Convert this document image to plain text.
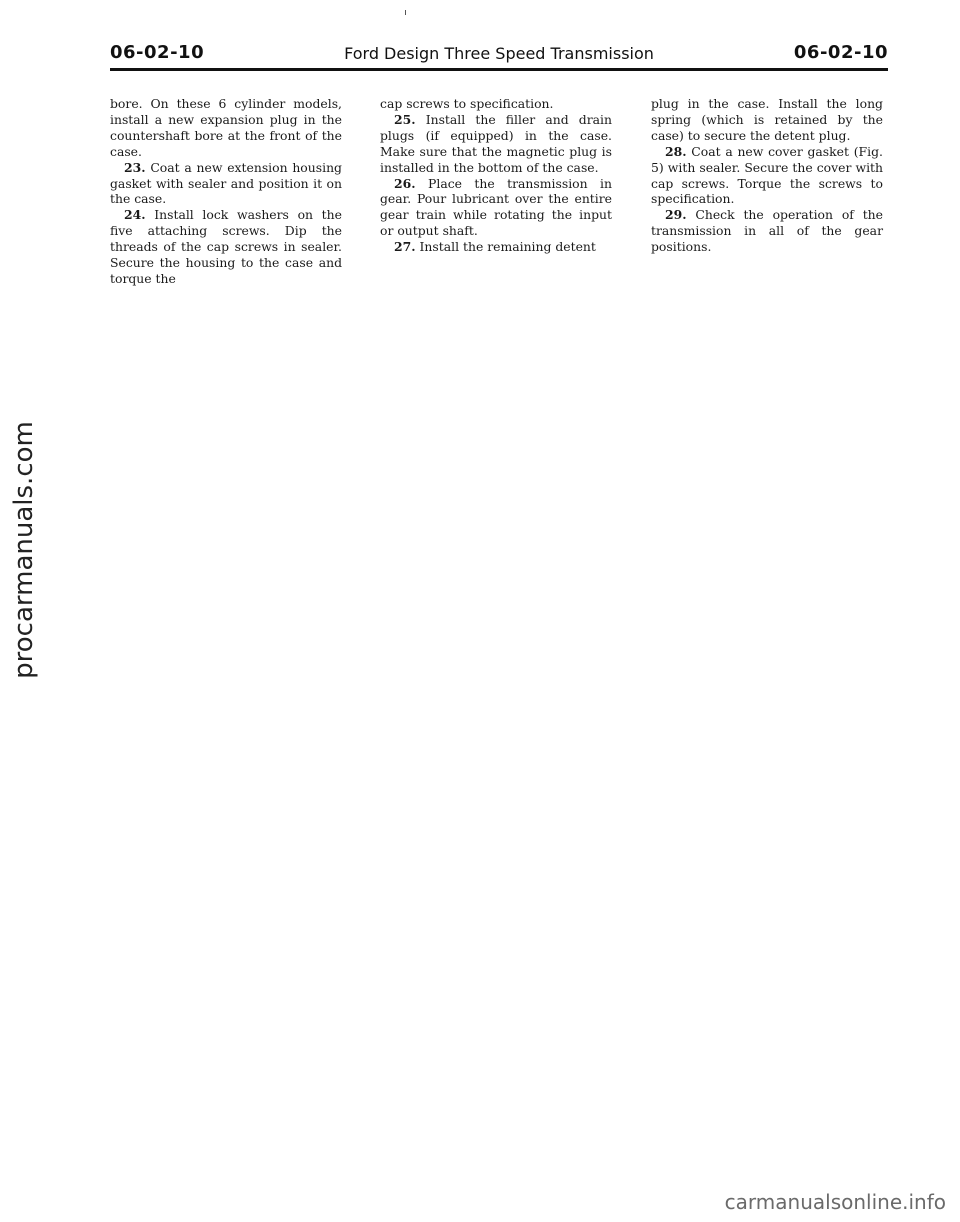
06-02-10	Ford Design Three Speed Transmission	06-02-10

bore. On these 6 cylinder models, install a new expansion plug in the countershaft bore at the front of the case.

23. Coat a new extension housing gasket with sealer and position it on the case.

24. Install lock washers on the five attaching screws. Dip the threads of the cap screws in sealer. Secure the housing to the case and torque the

cap screws to specification.

25. Install the filler and drain plugs (if equipped) in the case. Make sure that the magnetic plug is installed in the bottom of the case.

26. Place the transmission in gear. Pour lubricant over the entire gear train while rotating the input or output shaft.

27. Install the remaining detent

plug in the case. Install the long spring (which is retained by the case) to secure the detent plug.

28. Coat a new cover gasket (Fig. 5) with sealer. Secure the cover with cap screws. Torque the screws to specification.

29. Check the operation of the transmission in all of the gear positions.

procarmanuals.com
carmanualsonline.info
